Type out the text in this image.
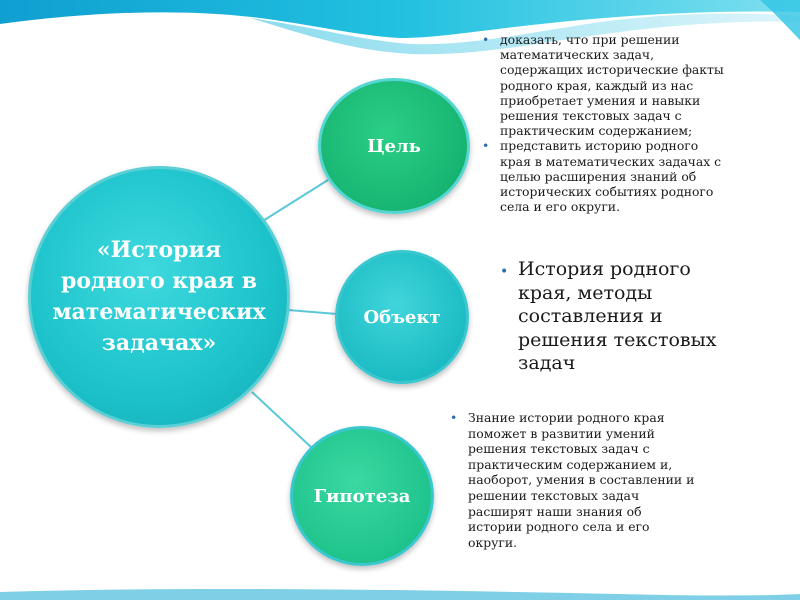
«История родного края в математических задачах»
Цель
Объект
Гипотеза
• доказать, что при решении математических задач, содержащих исторические факты родного края, каждый из нас приобретает умения и навыки решения текстовых задач с практическим содержанием;
• представить историю родного края в математических задачах с целью расширения знаний об исторических событиях родного села и его округи.
• История родного края, методы составления и решения текстовых задач
• Знание истории родного края поможет в развитии умений решения текстовых задач с практическим содержанием и, наоборот, умения в составлении и решении текстовых задач расширят наши знания об истории родного села и его округи.
